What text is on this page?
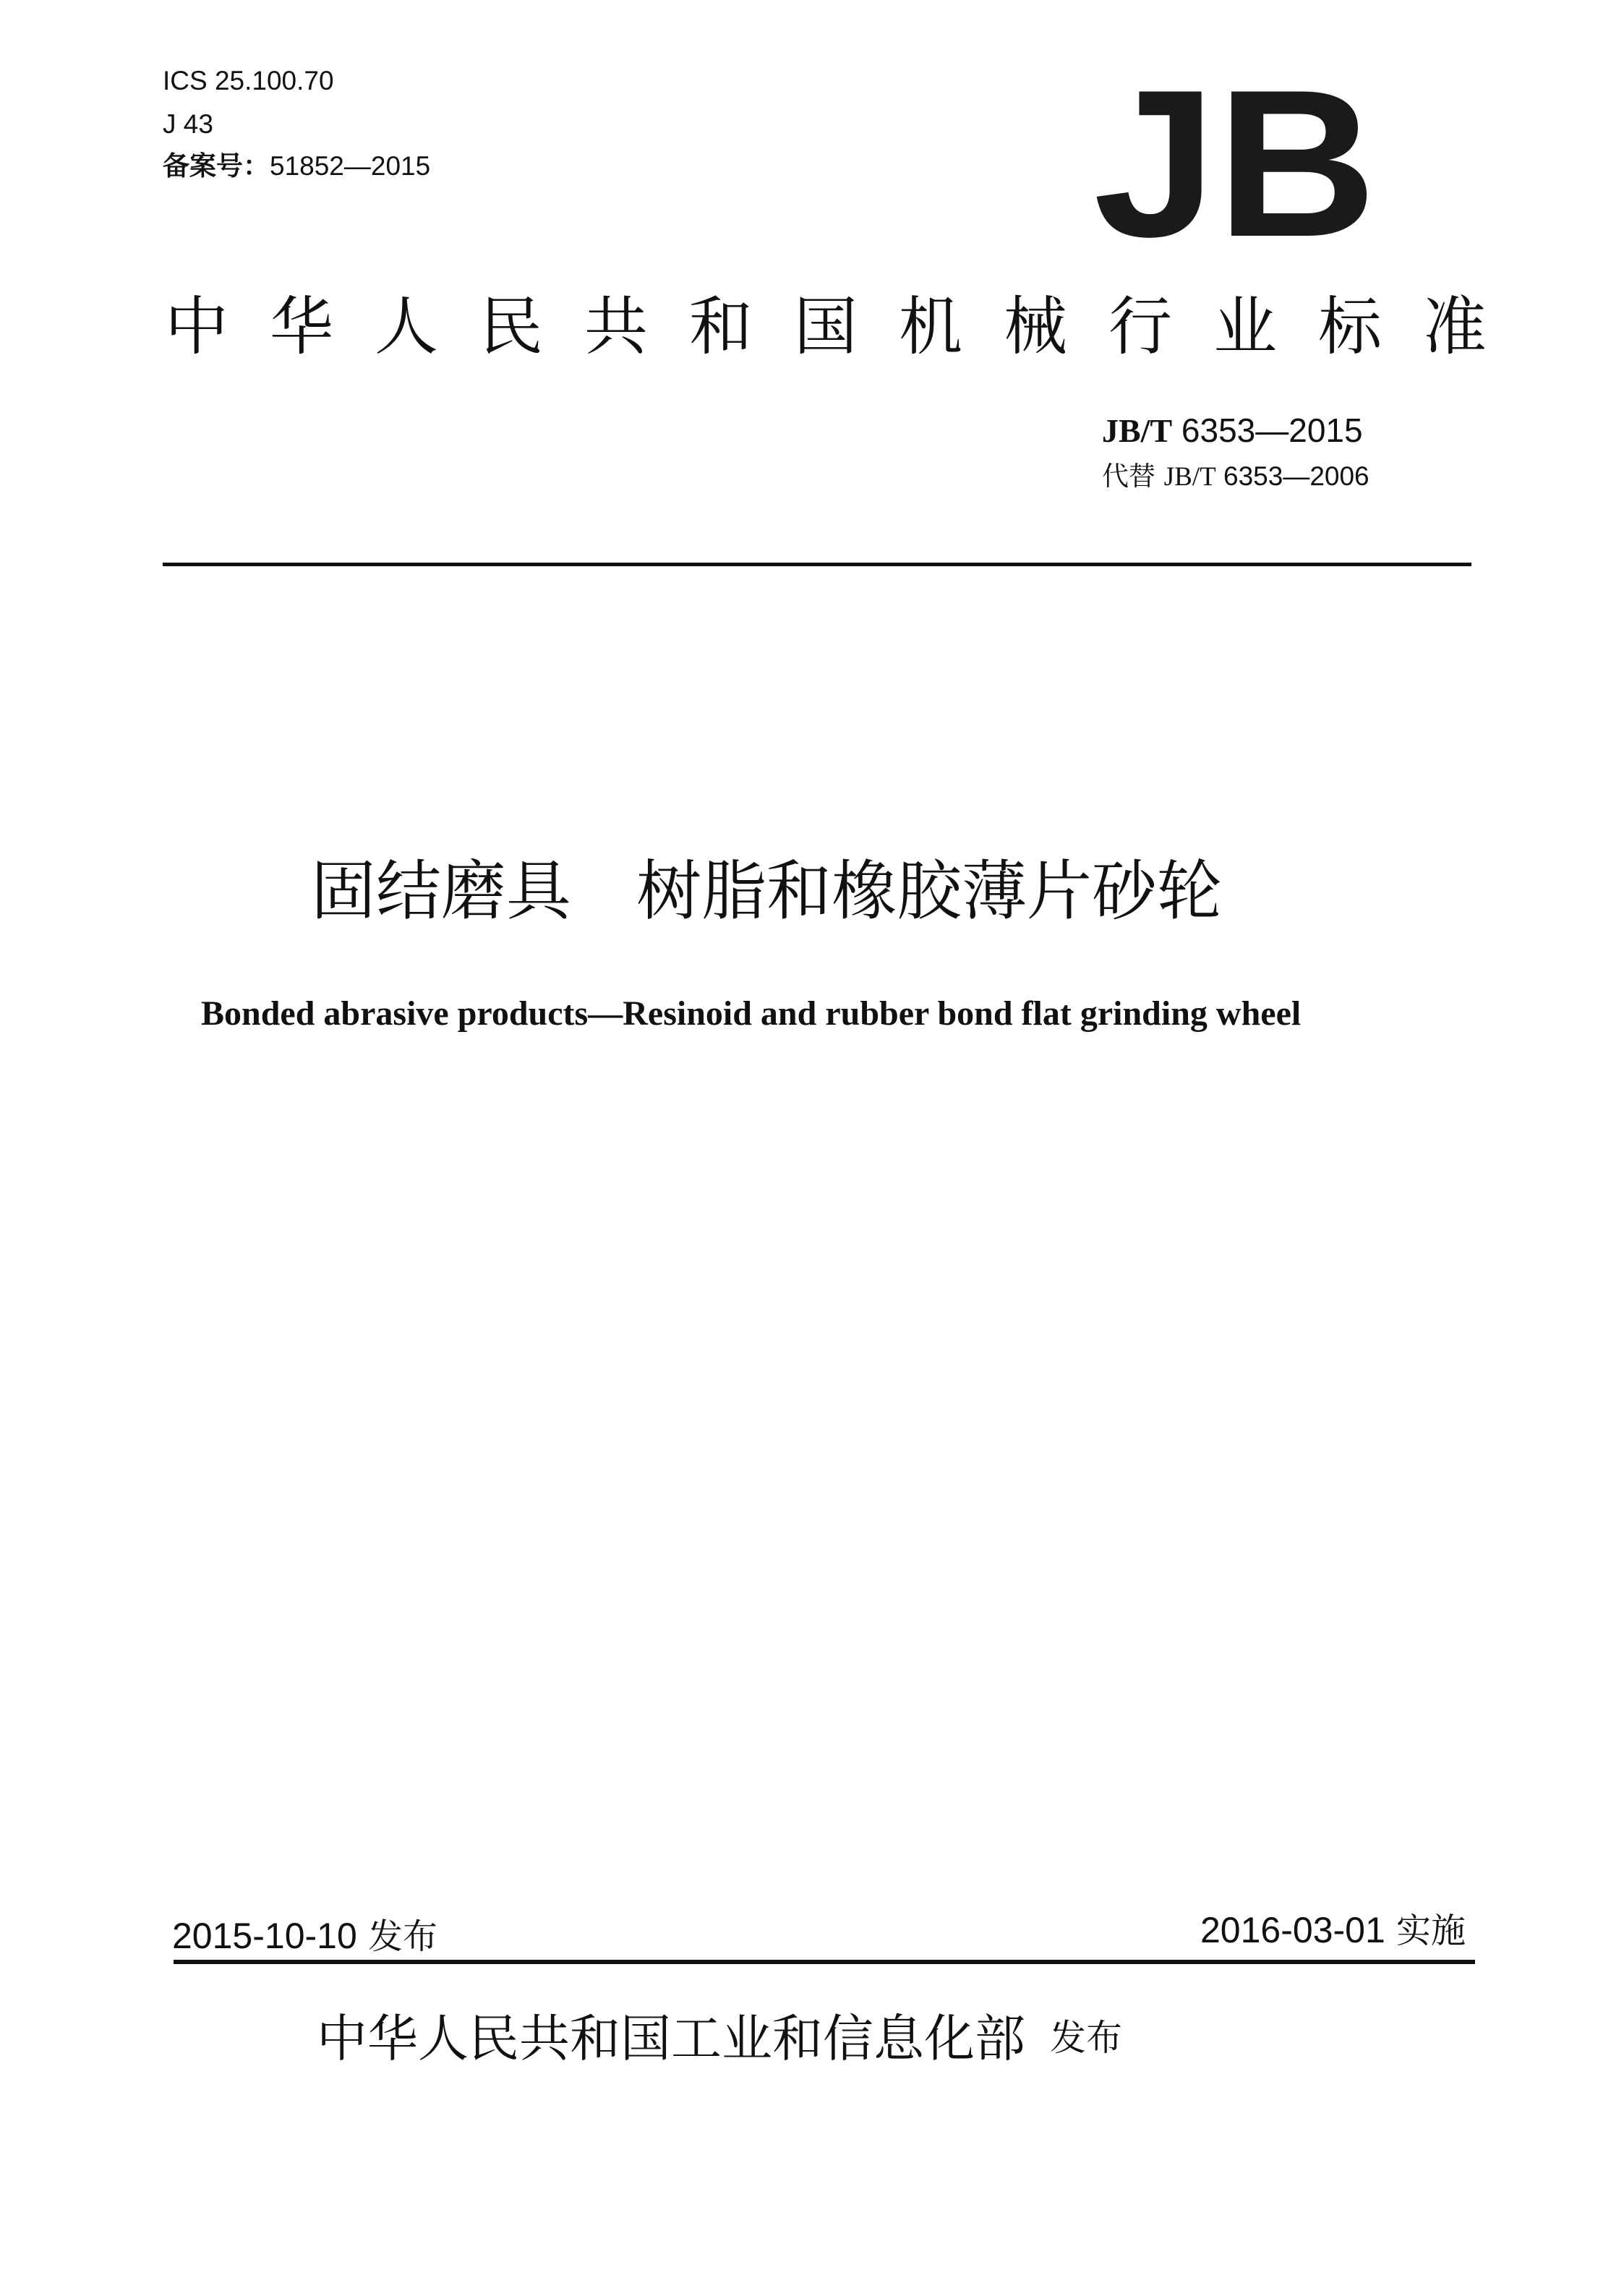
ICS 25.100.70
J 43
备案号：51852—2015	JB
中华人民共和国机械行业标准
JB/T 6353—2015
代替 JB/T 6353—2006
固结磨具　树脂和橡胶薄片砂轮
Bonded abrasive products—Resinoid and rubber bond flat grinding wheel
2015-10-10 发布	2016-03-01 实施
中华人民共和国工业和信息化部 发布
